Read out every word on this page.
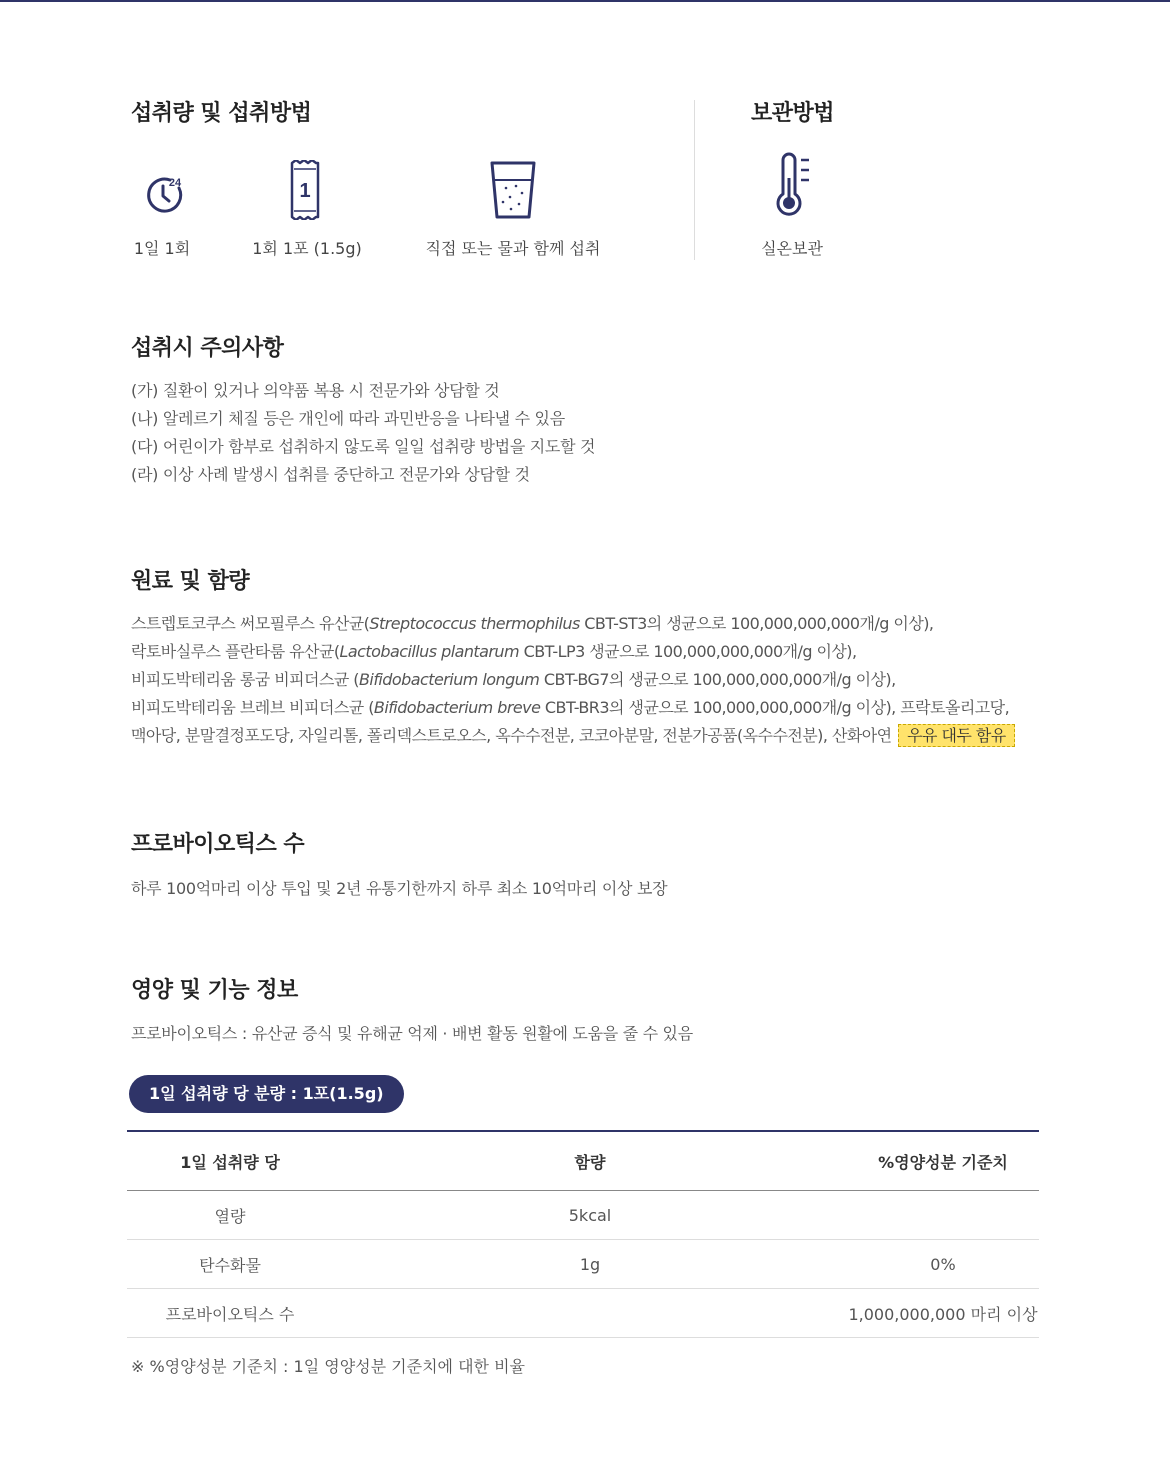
섭취량 및 섭취방법
24	1
1일 1회	1회 1포 (1.5g)	직접 또는 물과 함께 섭취
보관방법
실온보관
섭취시 주의사항
(가) 질환이 있거나 의약품 복용 시 전문가와 상담할 것
(나) 알레르기 체질 등은 개인에 따라 과민반응을 나타낼 수 있음
(다) 어린이가 함부로 섭취하지 않도록 일일 섭취량 방법을 지도할 것
(라) 이상 사례 발생시 섭취를 중단하고 전문가와 상담할 것
원료 및 함량
스트렙토코쿠스 써모필루스 유산균(Streptococcus thermophilus CBT-ST3의 생균으로 100,000,000,000개/g 이상),
락토바실루스 플란타룸 유산균(Lactobacillus plantarum CBT-LP3 생균으로 100,000,000,000개/g 이상),
비피도박테리움 롱굼 비피더스균 (Bifidobacterium longum CBT-BG7의 생균으로 100,000,000,000개/g 이상),
비피도박테리움 브레브 비피더스균 (Bifidobacterium breve CBT-BR3의 생균으로 100,000,000,000개/g 이상), 프락토올리고당,
맥아당, 분말결정포도당, 자일리톨, 폴리덱스트로오스, 옥수수전분, 코코아분말, 전분가공품(옥수수전분), 산화아연 우유 대두 함유
프로바이오틱스 수
하루 100억마리 이상 투입 및 2년 유통기한까지 하루 최소 10억마리 이상 보장
영양 및 기능 정보
프로바이오틱스 : 유산균 증식 및 유해균 억제 · 배변 활동 원활에 도움을 줄 수 있음
1일 섭취량 당 분량 : 1포(1.5g)
1일 섭취량 당	함량	%영양성분 기준치
열량	5kcal	
탄수화물	1g	0%
프로바이오틱스 수		1,000,000,000 마리 이상
※ %영양성분 기준치 : 1일 영양성분 기준치에 대한 비율
